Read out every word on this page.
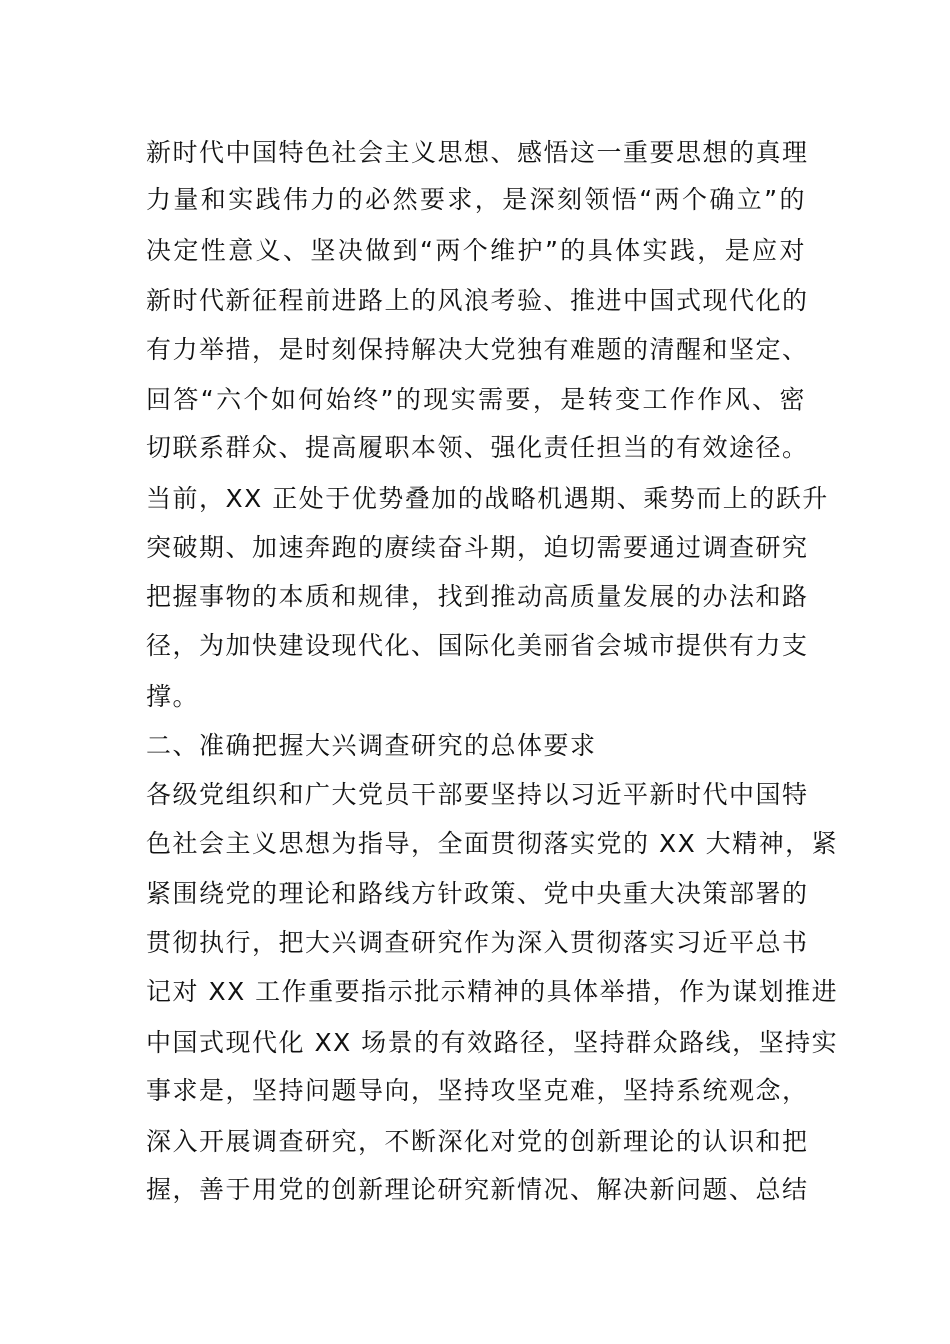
新时代中国特色社会主义思想、感悟这一重要思想的真理
力量和实践伟力的必然要求，是深刻领悟“两个确立”的
决定性意义、坚决做到“两个维护”的具体实践，是应对
新时代新征程前进路上的风浪考验、推进中国式现代化的
有力举措，是时刻保持解决大党独有难题的清醒和坚定、
回答“六个如何始终”的现实需要，是转变工作作风、密
切联系群众、提高履职本领、强化责任担当的有效途径。
当前，XX 正处于优势叠加的战略机遇期、乘势而上的跃升
突破期、加速奔跑的赓续奋斗期，迫切需要通过调查研究
把握事物的本质和规律，找到推动高质量发展的办法和路
径，为加快建设现代化、国际化美丽省会城市提供有力支
撑。
二、准确把握大兴调查研究的总体要求
各级党组织和广大党员干部要坚持以习近平新时代中国特
色社会主义思想为指导，全面贯彻落实党的 XX 大精神，紧
紧围绕党的理论和路线方针政策、党中央重大决策部署的
贯彻执行，把大兴调查研究作为深入贯彻落实习近平总书
记对 XX 工作重要指示批示精神的具体举措，作为谋划推进
中国式现代化 XX 场景的有效路径，坚持群众路线，坚持实
事求是，坚持问题导向，坚持攻坚克难，坚持系统观念，
深入开展调查研究，不断深化对党的创新理论的认识和把
握，善于用党的创新理论研究新情况、解决新问题、总结
